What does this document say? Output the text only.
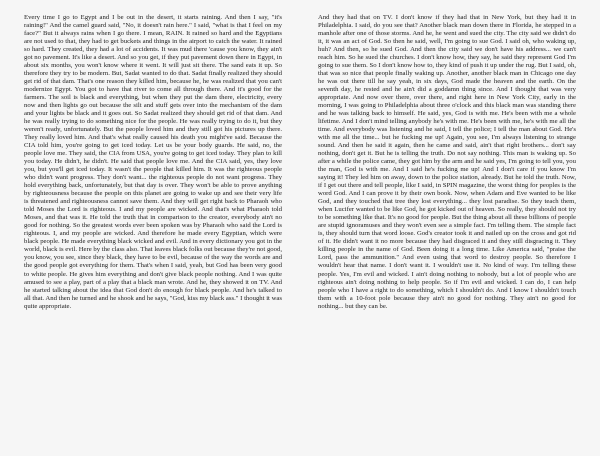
Every time I go to Egypt and I be out in the desert, it starts raining. And then I say, "it's raining!" And the camel guard said, "No, it doesn't rain here." I said, "what is that I feel on my face?" But it always rains when I go there. I mean, RAIN. It rained so hard and the Egyptians are not used to that, they had to get buckets and things in the airport to catch the water. It rained so hard. They created, they had a lot of accidents. It was mud there 'cause you know, they ain't got no pavement. It's like a desert. And so you get, if they put pavement down there in Egypt, in about six months, you won't know where it went. It will just sit there. The sand eats it up. So therefore they try to be modern. But, Sadat wanted to do that. Sadat finally realized they should get rid of that dam. That's one reason they killed him, because he, he was realized that you can't modernize Egypt. You got to have that river to come all through there. And it's good for the farmers. The soil is black and everything, but when they put the dam there, electricity, every now and then lights go out because the silt and stuff gets over into the mechanism of the dam and your lights be black and it goes out. So Sadat realized they should get rid of that dam. And he was really trying to do something nice for the people. He was really trying to do it, but they weren't ready, unfortunately. But the people loved him and they still got his pictures up there. They really loved him. And that's what really caused his death you might've said. Because the CIA told him, you're going to get iced today. Let us be your body guards. He said, no, the people love me. They said, the CIA from USA, you're going to get iced today. They plan to kill you today. He didn't, he didn't. He said that people love me. And the CIA said, yes, they love you, but you'll get iced today. It wasn't the people that killed him. It was the righteous people who didn't want progress. They don't want... the righteous people do not want progress. They hold everything back, unfortunately, but that day is over. They won't be able to prove anything by righteousness because the people on this planet are going to wake up and see their very life is threatened and righteousness cannot save them. And they will get right back to Pharaoh who told Moses the Lord is righteous. I and my people are wicked. And that's what Pharaoh told Moses, and that was it. He told the truth that in comparison to the creator, everybody ain't no good for nothing. So the greatest words ever been spoken was by Pharaoh who said the Lord is righteous. I, and my people are wicked. And therefore he made every Egyptian, which were black people. He made everything black wicked and evil. And in every dictionary you got in the world, black is evil. Here by the class also. That leaves black folks out because they're not good, you know, you see, since they black, they have to be evil, because of the way the words are and the good people got everything for them. That's when I said, yeah, but God has been very good to white people. He gives him everything and don't give black people nothing. And I was quite amused to see a play, part of a play that a black man wrote. And he, they showed it on TV. And he started talking about the idea that God don't do enough for black people. And he's talked to all that. And then he turned and he shook and he says, "God, kiss my black ass." I thought it was quite appropriate.

And they had that on TV. I don't know if they had that in New York, but they had it in Philadelphia. I said, do you see that? Another black man down there in Florida, he stepped in a manhole after one of those storms. And he, he went and sued the city. The city said we didn't do it, it was an act of God. So then he said, well, I'm going to sue God. I said oh, who waking up, huh? And then, so he sued God. And then the city said we don't have his address... we can't reach him. So he sued the churches. I don't know how, they say, he said they represent God I'm going to sue them. So I don't know how to, they kind of push it up under the rug. But I said, oh, that was so nice that people finally waking up. Another, another black man in Chicago one day he was out there till he say yeah, in six days, God made the heaven and the earth. On the seventh day, he rested and he ain't did a goddamn thing since. And I thought that was very appropriate. And now over there, over there, and right here in New York City, early in the morning, I was going to Philadelphia about three o'clock and this black man was standing there and he was talking back to himself. He said, yes, God is with me. He's been with me a whole lifetime. And I don't mind telling anybody he's with me. He's been with me, he's with me all the time. And everybody was listening and he said, I tell the police; I tell the man about God. He's with me all the time... but he fucking me up! Again, you see, I'm always listening to strange sound. And then he said it again, then he came and said, ain't that right brothers... don't say nothing, don't get it. But he is telling the truth. Do not say nothing. This man is waking up. So after a while the police came, they got him by the arm and he said yes, I'm going to tell you, you the man, God is with me. And I said he's fucking me up! And I don't care if you know I'm saying it! They led him on away, down to the police station, already. But he told the truth. Now, if I get out there and tell people, like I said, in SPIN magazine, the worst thing for peoples is the word God. And I can prove it by their own book. Now, when Adam and Eve wanted to be like God, and they touched that tree they lost everything... they lost paradise. So they teach them, when Lucifer wanted to be like God, he got kicked out of heaven. So really, they should not try to be something like that. It's no good for people. But the thing about all these billions of people are stupid ignoramuses and they won't even see a simple fact. I'm telling them. The simple fact is, they should turn that word loose. God's creator took it and nailed up on the cross and got rid of it. He didn't want it no more because they had disgraced it and they still disgracing it. They killing people in the name of God. Been doing it a long time. Like America said, "praise the Lord, pass the ammunition." And even using that word to destroy people. So therefore I wouldn't hear that name. I don't want it. I wouldn't use it. No kind of way. I'm telling these people. Yes, I'm evil and wicked. I ain't doing nothing to nobody, but a lot of people who are righteous ain't doing nothing to help people. So if I'm evil and wicked. I can do, I can help people who I have a right to do something, which I shouldn't do. And I know I shouldn't touch them with a 10-foot pole because they ain't no good for nothing. They ain't no good for nothing... but they can be.
